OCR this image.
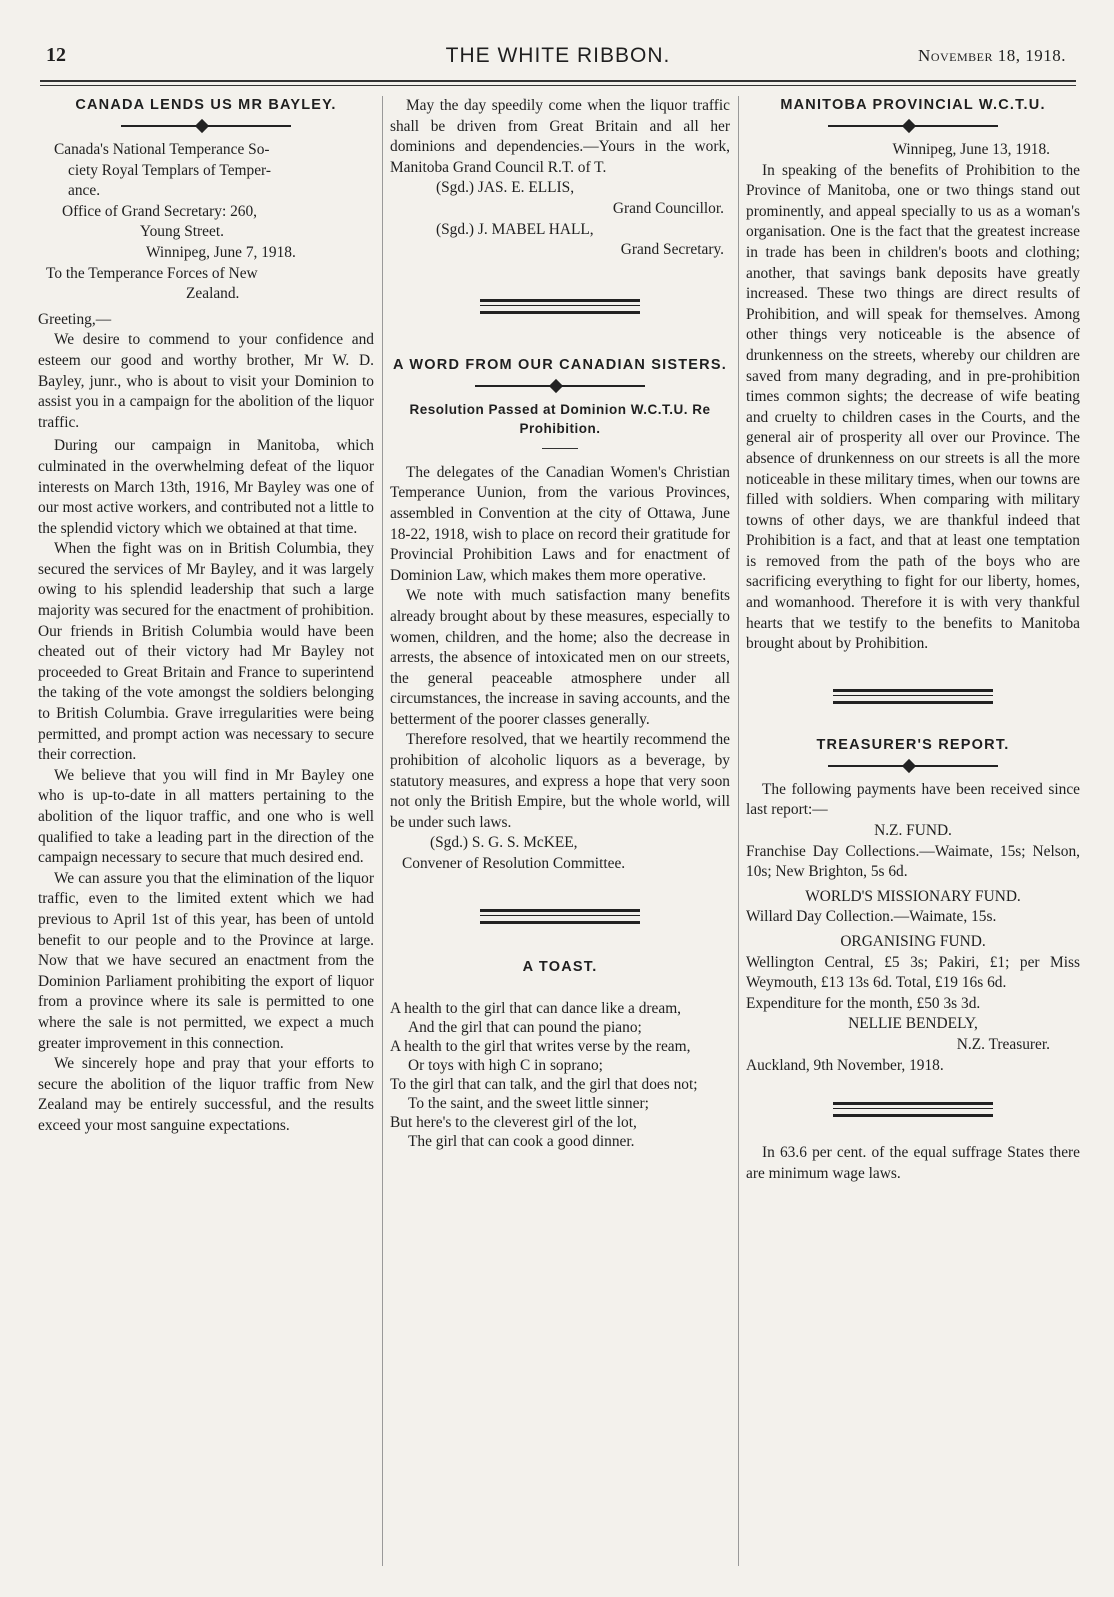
12	THE WHITE RIBBON.	November 18, 1918.
CANADA LENDS US MR BAYLEY.

Canada's National Temperance So-

ciety Royal Templars of Temper-

ance.

Office of Grand Secretary: 260,

Young Street.

Winnipeg, June 7, 1918.

To the Temperance Forces of New

Zealand.

Greeting,—

We desire to commend to your confidence and esteem our good and worthy brother, Mr W. D. Bayley, junr., who is about to visit your Dominion to assist you in a campaign for the abolition of the liquor traffic.

During our campaign in Manitoba, which culminated in the overwhelming defeat of the liquor interests on March 13th, 1916, Mr Bayley was one of our most active workers, and contributed not a little to the splendid victory which we obtained at that time.

When the fight was on in British Columbia, they secured the services of Mr Bayley, and it was largely owing to his splendid leadership that such a large majority was secured for the enactment of prohibition. Our friends in British Columbia would have been cheated out of their victory had Mr Bayley not proceeded to Great Britain and France to superintend the taking of the vote amongst the soldiers belonging to British Columbia. Grave irregularities were being permitted, and prompt action was necessary to secure their correction.

We believe that you will find in Mr Bayley one who is up-to-date in all matters pertaining to the abolition of the liquor traffic, and one who is well qualified to take a leading part in the direction of the campaign necessary to secure that much desired end.

We can assure you that the elimination of the liquor traffic, even to the limited extent which we had previous to April 1st of this year, has been of untold benefit to our people and to the Province at large. Now that we have secured an enactment from the Dominion Parliament prohibiting the export of liquor from a province where its sale is permitted to one where the sale is not permitted, we expect a much greater improvement in this connection.

We sincerely hope and pray that your efforts to secure the abolition of the liquor traffic from New Zealand may be entirely successful, and the results exceed your most sanguine expectations.

May the day speedily come when the liquor traffic shall be driven from Great Britain and all her dominions and dependencies.—Yours in the work, Manitoba Grand Council R.T. of T.

(Sgd.) JAS. E. ELLIS,

Grand Councillor.

(Sgd.) J. MABEL HALL,

Grand Secretary.

A WORD FROM OUR CANADIAN SISTERS.
Resolution Passed at Dominion W.C.T.U. Re Prohibition.

The delegates of the Canadian Women's Christian Temperance Uunion, from the various Provinces, assembled in Convention at the city of Ottawa, June 18-22, 1918, wish to place on record their gratitude for Provincial Prohibition Laws and for enactment of Dominion Law, which makes them more operative.

We note with much satisfaction many benefits already brought about by these measures, especially to women, children, and the home; also the decrease in arrests, the absence of intoxicated men on our streets, the general peaceable atmosphere under all circumstances, the increase in saving accounts, and the betterment of the poorer classes generally.

Therefore resolved, that we heartily recommend the prohibition of alcoholic liquors as a beverage, by statutory measures, and express a hope that very soon not only the British Empire, but the whole world, will be under such laws.

(Sgd.) S. G. S. McKEE,

Convener of Resolution Committee.

A TOAST.

A health to the girl that can dance like a dream,

And the girl that can pound the piano;

A health to the girl that writes verse by the ream,

Or toys with high C in soprano;

To the girl that can talk, and the girl that does not;

To the saint, and the sweet little sinner;

But here's to the cleverest girl of the lot,

The girl that can cook a good dinner.

MANITOBA PROVINCIAL W.C.T.U.

Winnipeg, June 13, 1918.

In speaking of the benefits of Prohibition to the Province of Manitoba, one or two things stand out prominently, and appeal specially to us as a woman's organisation. One is the fact that the greatest increase in trade has been in children's boots and clothing; another, that savings bank deposits have greatly increased. These two things are direct results of Prohibition, and will speak for themselves. Among other things very noticeable is the absence of drunkenness on the streets, whereby our children are saved from many degrading, and in pre-prohibition times common sights; the decrease of wife beating and cruelty to children cases in the Courts, and the general air of prosperity all over our Province. The absence of drunkenness on our streets is all the more noticeable in these military times, when our towns are filled with soldiers. When comparing with military towns of other days, we are thankful indeed that Prohibition is a fact, and that at least one temptation is removed from the path of the boys who are sacrificing everything to fight for our liberty, homes, and womanhood. Therefore it is with very thankful hearts that we testify to the benefits to Manitoba brought about by Prohibition.

TREASURER'S REPORT.

The following payments have been received since last report:—

N.Z. FUND.

Franchise Day Collections.—Waimate, 15s; Nelson, 10s; New Brighton, 5s 6d.

WORLD'S MISSIONARY FUND.

Willard Day Collection.—Waimate, 15s.

ORGANISING FUND.

Wellington Central, £5 3s; Pakiri, £1; per Miss Weymouth, £13 13s 6d. Total, £19 16s 6d.

Expenditure for the month, £50 3s 3d.

NELLIE BENDELY,

N.Z. Treasurer.

Auckland, 9th November, 1918.

In 63.6 per cent. of the equal suffrage States there are minimum wage laws.
